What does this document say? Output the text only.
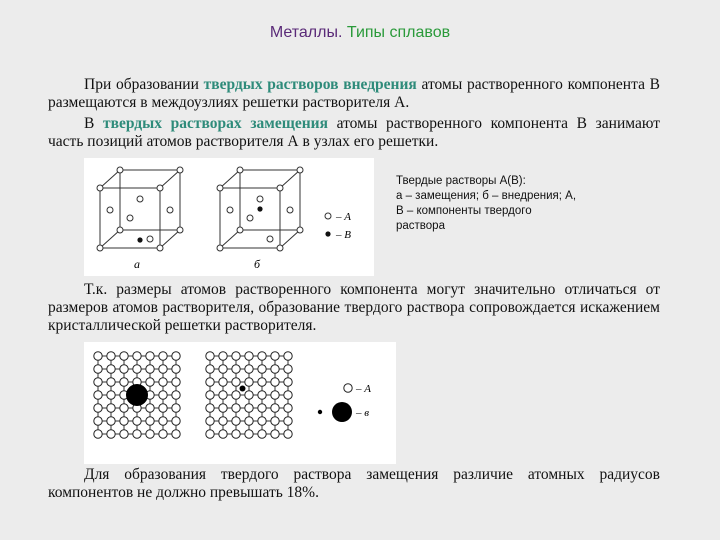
Металлы. Типы сплавов

При образовании твердых растворов внедрения атомы растворенного компонента В размещаются в междоузлиях решетки растворителя А.

В твердых растворах замещения атомы растворенного компонента В занимают часть позиций атомов растворителя А в узлах его решетки.

а	б
– А
– В
Твердые растворы А(В):
а – замещения; б – внедрения; А,
В – компоненты твердого
раствора

Т.к. размеры атомов растворенного компонента могут значительно отличаться от размеров атомов растворителя, образование твердого раствора сопровождается искажением кристаллической решетки растворителя.

– А
– в

Для образования твердого раствора замещения различие атомных радиусов компонентов не должно превышать 18%.
